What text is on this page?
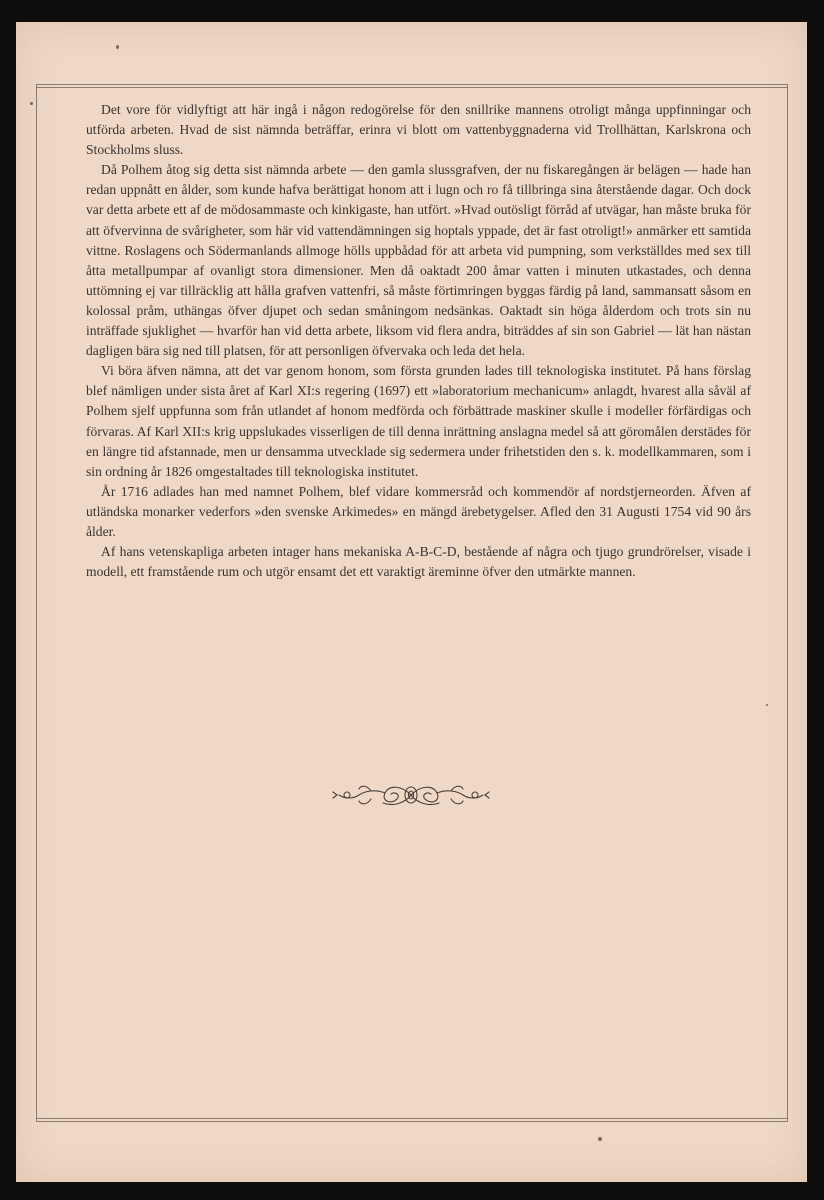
Det vore för vidlyftigt att här ingå i någon redogörelse för den snillrike mannens otroligt många uppfinningar och utförda arbeten. Hvad de sist nämnda beträffar, erinra vi blott om vattenbyggnaderna vid Trollhättan, Karlskrona och Stockholms sluss.

Då Polhem åtog sig detta sist nämnda arbete — den gamla slussgrafven, der nu fiskaregången är belägen — hade han redan uppnått en ålder, som kunde hafva berättigat honom att i lugn och ro få tillbringa sina återstående dagar. Och dock var detta arbete ett af de mödosammaste och kinkigaste, han utfört. »Hvad outösligt förråd af utvägar, han måste bruka för att öfvervinna de svårigheter, som här vid vattendämningen sig hoptals yppade, det är fast otroligt!» anmärker ett samtida vittne. Roslagens och Södermanlands allmoge hölls uppbådad för att arbeta vid pumpning, som verkställdes med sex till åtta metallpumpar af ovanligt stora dimensioner. Men då oaktadt 200 åmar vatten i minuten utkastades, och denna uttömning ej var tillräcklig att hålla grafven vattenfri, så måste förtimringen byggas färdig på land, sammansatt såsom en kolossal pråm, uthängas öfver djupet och sedan småningom nedsänkas. Oaktadt sin höga ålderdom och trots sin nu inträffade sjuklighet — hvarför han vid detta arbete, liksom vid flera andra, biträddes af sin son Gabriel — lät han nästan dagligen bära sig ned till platsen, för att personligen öfvervaka och leda det hela.

Vi böra äfven nämna, att det var genom honom, som första grunden lades till teknologiska institutet. På hans förslag blef nämligen under sista året af Karl XI:s regering (1697) ett »laboratorium mechanicum» anlagdt, hvarest alla såväl af Polhem sjelf uppfunna som från utlandet af honom medförda och förbättrade maskiner skulle i modeller förfärdigas och förvaras. Af Karl XII:s krig uppslukades visserligen de till denna inrättning anslagna medel så att göromålen derstädes för en längre tid afstannade, men ur densamma utvecklade sig sedermera under frihetstiden den s. k. modellkammaren, som i sin ordning år 1826 omgestaltades till teknologiska institutet.

År 1716 adlades han med namnet Polhem, blef vidare kommersråd och kommendör af nordstjerneorden. Äfven af utländska monarker vederfors »den svenske Arkimedes» en mängd ärebetygelser. Afled den 31 Augusti 1754 vid 90 års ålder.

Af hans vetenskapliga arbeten intager hans mekaniska A-B-C-D, bestående af några och tjugo grundrörelser, visade i modell, ett framstående rum och utgör ensamt det ett varaktigt äreminne öfver den utmärkte mannen.
